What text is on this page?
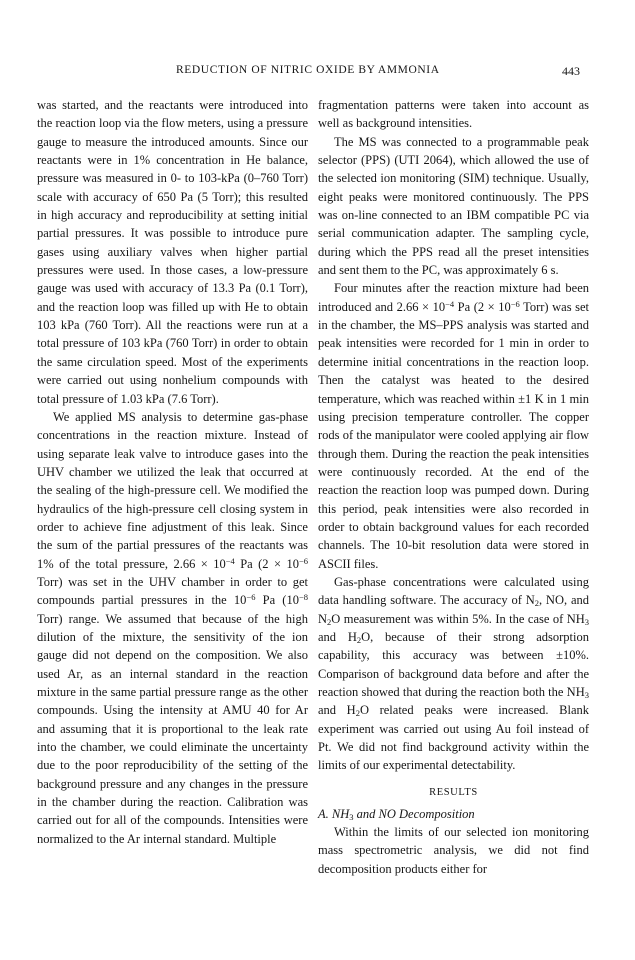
REDUCTION OF NITRIC OXIDE BY AMMONIA	443

was started, and the reactants were introduced into the reaction loop via the flow meters, using a pressure gauge to measure the introduced amounts. Since our reactants were in 1% concentration in He balance, pressure was measured in 0- to 103-kPa (0–760 Torr) scale with accuracy of 650 Pa (5 Torr); this resulted in high accuracy and reproducibility at setting initial partial pressures. It was possible to introduce pure gases using auxiliary valves when higher partial pressures were used. In those cases, a low-pressure gauge was used with accuracy of 13.3 Pa (0.1 Torr), and the reaction loop was filled up with He to obtain 103 kPa (760 Torr). All the reactions were run at a total pressure of 103 kPa (760 Torr) in order to obtain the same circulation speed. Most of the experiments were carried out using nonhelium compounds with total pressure of 1.03 kPa (7.6 Torr).

We applied MS analysis to determine gas-phase concentrations in the reaction mixture. Instead of using separate leak valve to introduce gases into the UHV chamber we utilized the leak that occurred at the sealing of the high-pressure cell. We modified the hydraulics of the high-pressure cell closing system in order to achieve fine adjustment of this leak. Since the sum of the partial pressures of the reactants was 1% of the total pressure, $2.66 \times 10^{-4}$ Pa ($2 \times 10^{-6}$ Torr) was set in the UHV chamber in order to get compounds partial pressures in the $10^{-6}$ Pa ($10^{-8}$ Torr) range. We assumed that because of the high dilution of the mixture, the sensitivity of the ion gauge did not depend on the composition. We also used Ar, as an internal standard in the reaction mixture in the same partial pressure range as the other compounds. Using the intensity at AMU 40 for Ar and assuming that it is proportional to the leak rate into the chamber, we could eliminate the uncertainty due to the poor reproducibility of the setting of the background pressure and any changes in the pressure in the chamber during the reaction. Calibration was carried out for all of the compounds. Intensities were normalized to the Ar internal standard. Multiple

fragmentation patterns were taken into account as well as background intensities.

The MS was connected to a programmable peak selector (PPS) (UTI 2064), which allowed the use of the selected ion monitoring (SIM) technique. Usually, eight peaks were monitored continuously. The PPS was on-line connected to an IBM compatible PC via serial communication adapter. The sampling cycle, during which the PPS read all the preset intensities and sent them to the PC, was approximately 6 s.

Four minutes after the reaction mixture had been introduced and $2.66 \times 10^{-4}$ Pa ($2 \times 10^{-6}$ Torr) was set in the chamber, the MS–PPS analysis was started and peak intensities were recorded for 1 min in order to determine initial concentrations in the reaction loop. Then the catalyst was heated to the desired temperature, which was reached within ±1 K in 1 min using precision temperature controller. The copper rods of the manipulator were cooled applying air flow through them. During the reaction the peak intensities were continuously recorded. At the end of the reaction the reaction loop was pumped down. During this period, peak intensities were also recorded in order to obtain background values for each recorded channels. The 10-bit resolution data were stored in ASCII files.

Gas-phase concentrations were calculated using data handling software. The accuracy of $N_2$, NO, and $N_2O$ measurement was within 5%. In the case of $NH_3$ and $H_2O$, because of their strong adsorption capability, this accuracy was between ±10%. Comparison of background data before and after the reaction showed that during the reaction both the $NH_3$ and $H_2O$ related peaks were increased. Blank experiment was carried out using Au foil instead of Pt. We did not find background activity within the limits of our experimental detectability.

RESULTS
A. $NH_3$ and NO Decomposition

Within the limits of our selected ion monitoring mass spectrometric analysis, we did not find decomposition products either for
